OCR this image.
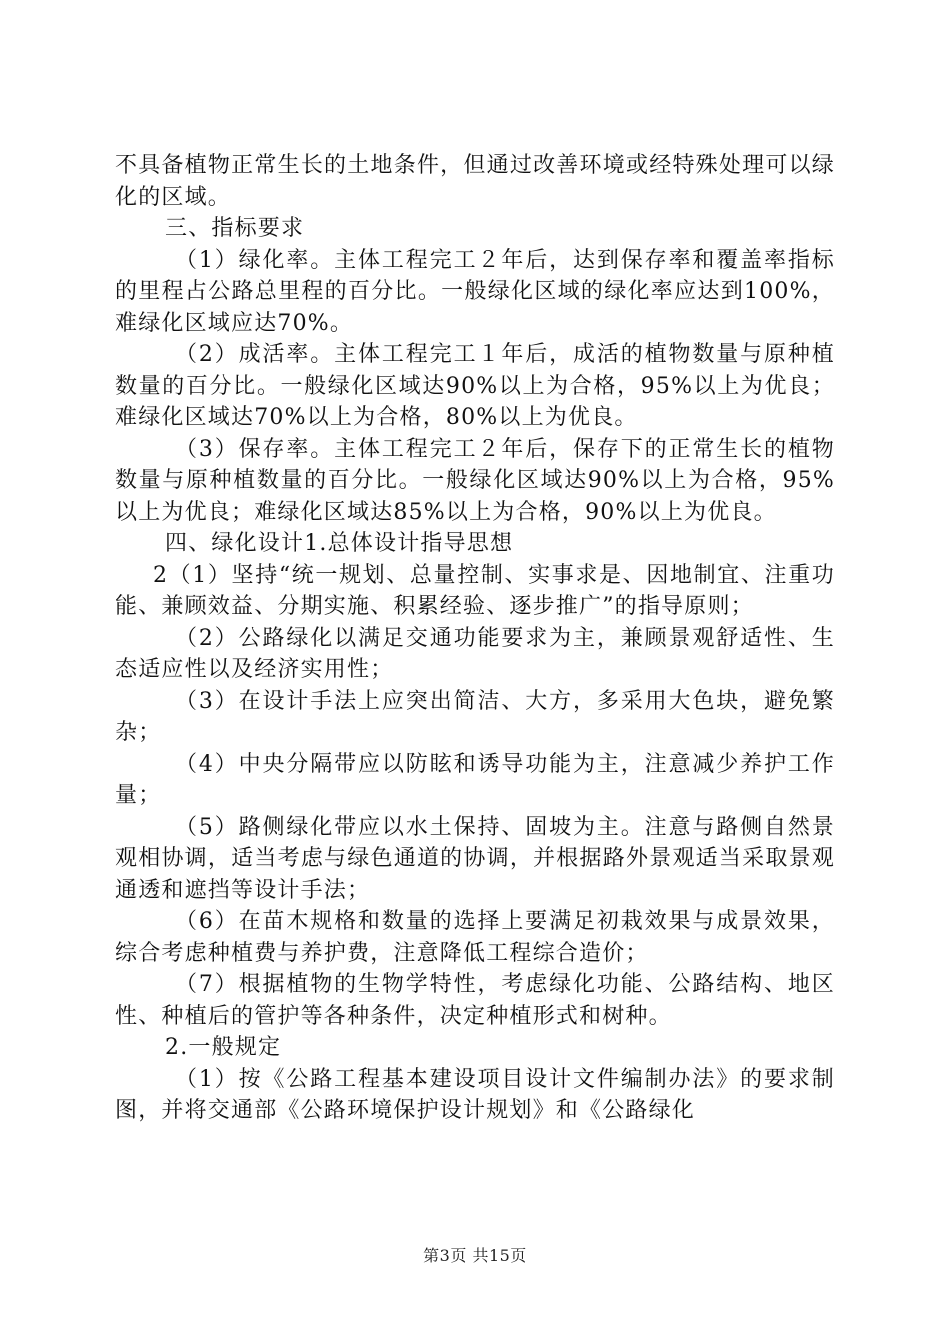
不具备植物正常生长的土地条件，但通过改善环境或经特殊处理可以绿化的区域。

三、指标要求

（1）绿化率。主体工程完工２年后，达到保存率和覆盖率指标的里程占公路总里程的百分比。一般绿化区域的绿化率应达到100%，难绿化区域应达70%。

（2）成活率。主体工程完工１年后，成活的植物数量与原种植数量的百分比。一般绿化区域达90%以上为合格，95%以上为优良；难绿化区域达70%以上为合格，80%以上为优良。

（3）保存率。主体工程完工２年后，保存下的正常生长的植物数量与原种植数量的百分比。一般绿化区域达90%以上为合格，95%以上为优良；难绿化区域达85%以上为合格，90%以上为优良。

四、绿化设计1.总体设计指导思想

2（1）坚持“统一规划、总量控制、实事求是、因地制宜、注重功能、兼顾效益、分期实施、积累经验、逐步推广”的指导原则；

（2）公路绿化以满足交通功能要求为主，兼顾景观舒适性、生态适应性以及经济实用性；

（3）在设计手法上应突出简洁、大方，多采用大色块，避免繁杂；

（4）中央分隔带应以防眩和诱导功能为主，注意减少养护工作量；

（5）路侧绿化带应以水土保持、固坡为主。注意与路侧自然景观相协调，适当考虑与绿色通道的协调，并根据路外景观适当采取景观通透和遮挡等设计手法；

（6）在苗木规格和数量的选择上要满足初栽效果与成景效果，综合考虑种植费与养护费，注意降低工程综合造价；

（7）根据植物的生物学特性，考虑绿化功能、公路结构、地区性、种植后的管护等各种条件，决定种植形式和树种。

2.一般规定

（1）按《公路工程基本建设项目设计文件编制办法》的要求制图，并将交通部《公路环境保护设计规划》和《公路绿化

第3页 共15页
